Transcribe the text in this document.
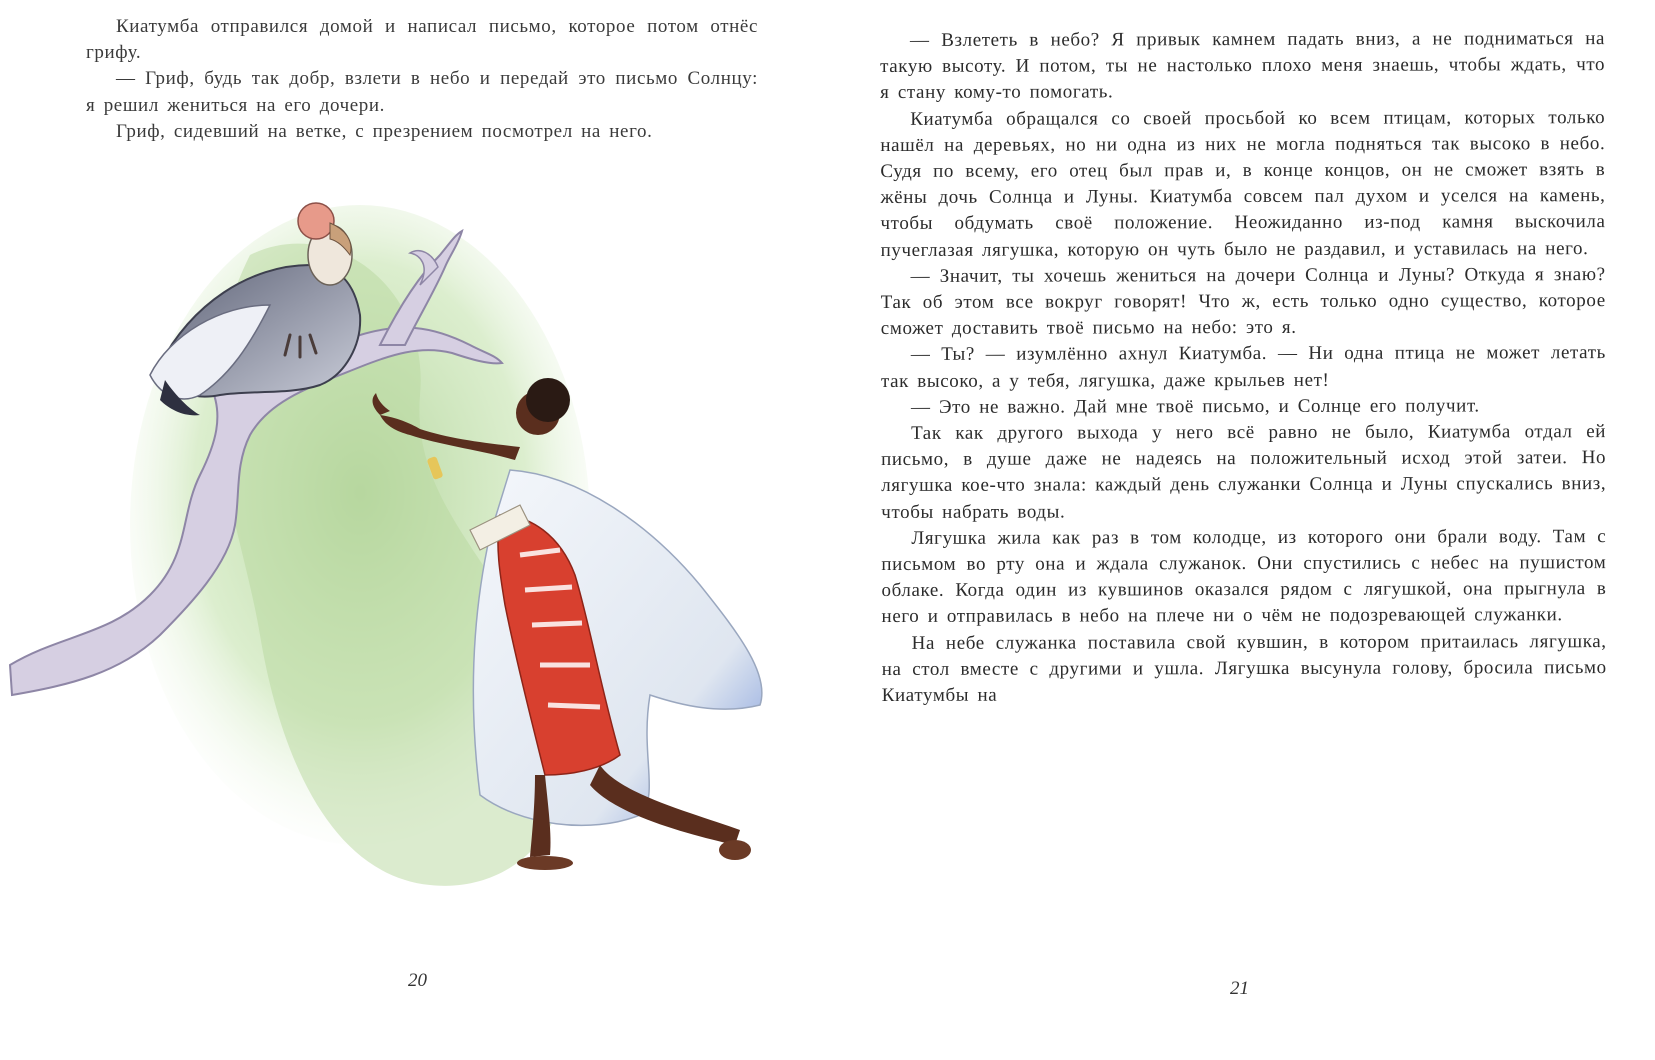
Киатумба отправился домой и написал письмо, которое потом отнёс грифу.

— Гриф, будь так добр, взлети в небо и передай это письмо Солнцу: я решил жениться на его дочери.

Гриф, сидевший на ветке, с презрением посмотрел на него.

20

— Взлететь в небо? Я привык камнем падать вниз, а не подниматься на такую высоту. И потом, ты не настолько плохо меня знаешь, чтобы ждать, что я стану кому-то помогать.

Киатумба обращался со своей просьбой ко всем птицам, которых только нашёл на деревьях, но ни одна из них не могла подняться так высоко в небо. Судя по всему, его отец был прав и, в конце концов, он не сможет взять в жёны дочь Солнца и Луны. Киатумба совсем пал духом и уселся на камень, чтобы обдумать своё положение. Неожиданно из-под камня выскочила пучеглазая лягушка, которую он чуть было не раздавил, и уставилась на него.

— Значит, ты хочешь жениться на дочери Солнца и Луны? Откуда я знаю? Так об этом все вокруг говорят! Что ж, есть только одно существо, которое сможет доставить твоё письмо на небо: это я.

— Ты? — изумлённо ахнул Киатумба. — Ни одна птица не может летать так высоко, а у тебя, лягушка, даже крыльев нет!

— Это не важно. Дай мне твоё письмо, и Солнце его получит.

Так как другого выхода у него всё равно не было, Киатумба отдал ей письмо, в душе даже не надеясь на положительный исход этой затеи. Но лягушка кое-что знала: каждый день служанки Солнца и Луны спускались вниз, чтобы набрать воды.

Лягушка жила как раз в том колодце, из которого они брали воду. Там с письмом во рту она и ждала служанок. Они спустились с небес на пушистом облаке. Когда один из кувшинов оказался рядом с лягушкой, она прыгнула в него и отправилась в небо на плече ни о чём не подозревающей служанки.

На небе служанка поставила свой кувшин, в котором притаилась лягушка, на стол вместе с другими и ушла. Лягушка высунула голову, бросила письмо Киатумбы на

21
